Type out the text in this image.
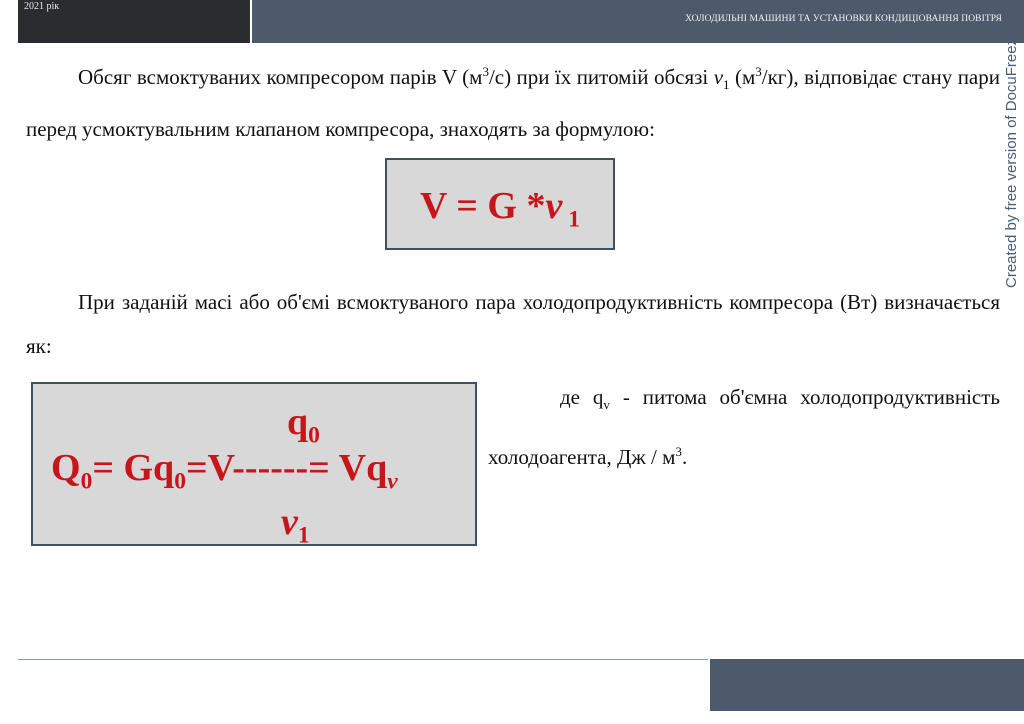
2021 рік
ХОЛОДИЛЬНІ МАШИНИ ТА УСТАНОВКИ КОНДИЦІОВАННЯ ПОВІТРЯ
Created by free version of DocuFreez
Обсяг всмоктуваних компресором парів V $(м^3/с)$ при їх питомій обсязі $v_1$ $(м^3/кг)$, відповідає стану пари перед усмоктувальним клапаном компресора, знаходять за формулою:
V = G *v $_1$
При заданій масі або об'ємі всмоктуваного пара холодопродуктивність компресора (Вт) визначається як:
$q_0$
$Q_0= Gq_0=V------= Vq_v$
$v_1$
де $q_v$ - питома об'ємна холодопродуктивність холодоагента, Дж / $м^3$.
